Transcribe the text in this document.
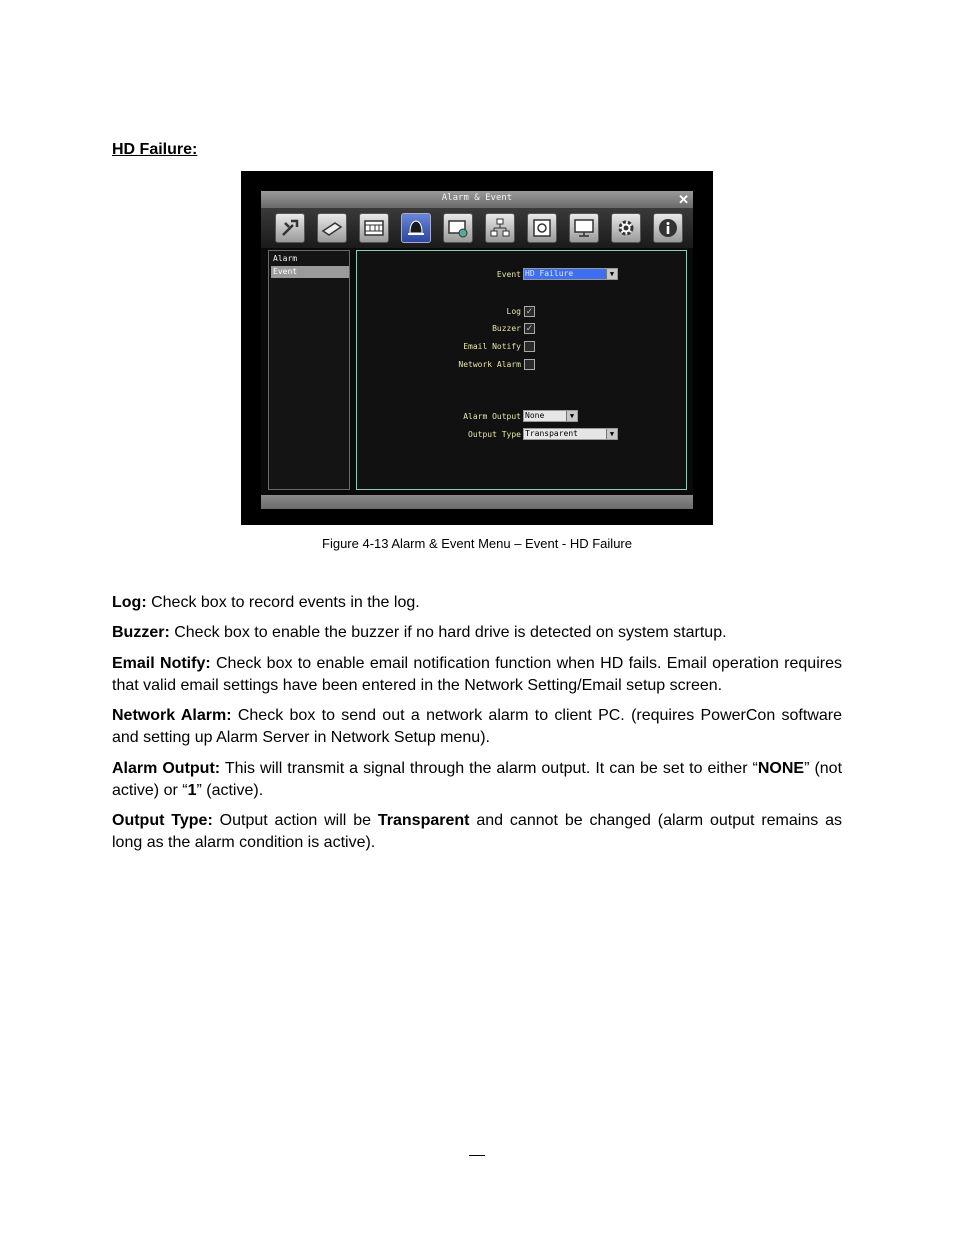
HD Failure:
Alarm & Event	✕
Alarm
Event	Event HD Failure	▼
Log ✓
Buzzer ✓
Email Notify
Network Alarm
Alarm Output None	▼
Output Type Transparent	▼
Figure 4-13 Alarm & Event Menu – Event - HD Failure
Log: Check box to record events in the log.
Buzzer: Check box to enable the buzzer if no hard drive is detected on system startup.
Email Notify: Check box to enable email notification function when HD fails. Email operation requires that valid email settings have been entered in the Network Setting/Email setup screen.
Network Alarm: Check box to send out a network alarm to client PC. (requires PowerCon software and setting up Alarm Server in Network Setup menu).
Alarm Output: This will transmit a signal through the alarm output. It can be set to either “NONE” (not active) or “1” (active).
Output Type: Output action will be Transparent and cannot be changed (alarm output remains as long as the alarm condition is active).
